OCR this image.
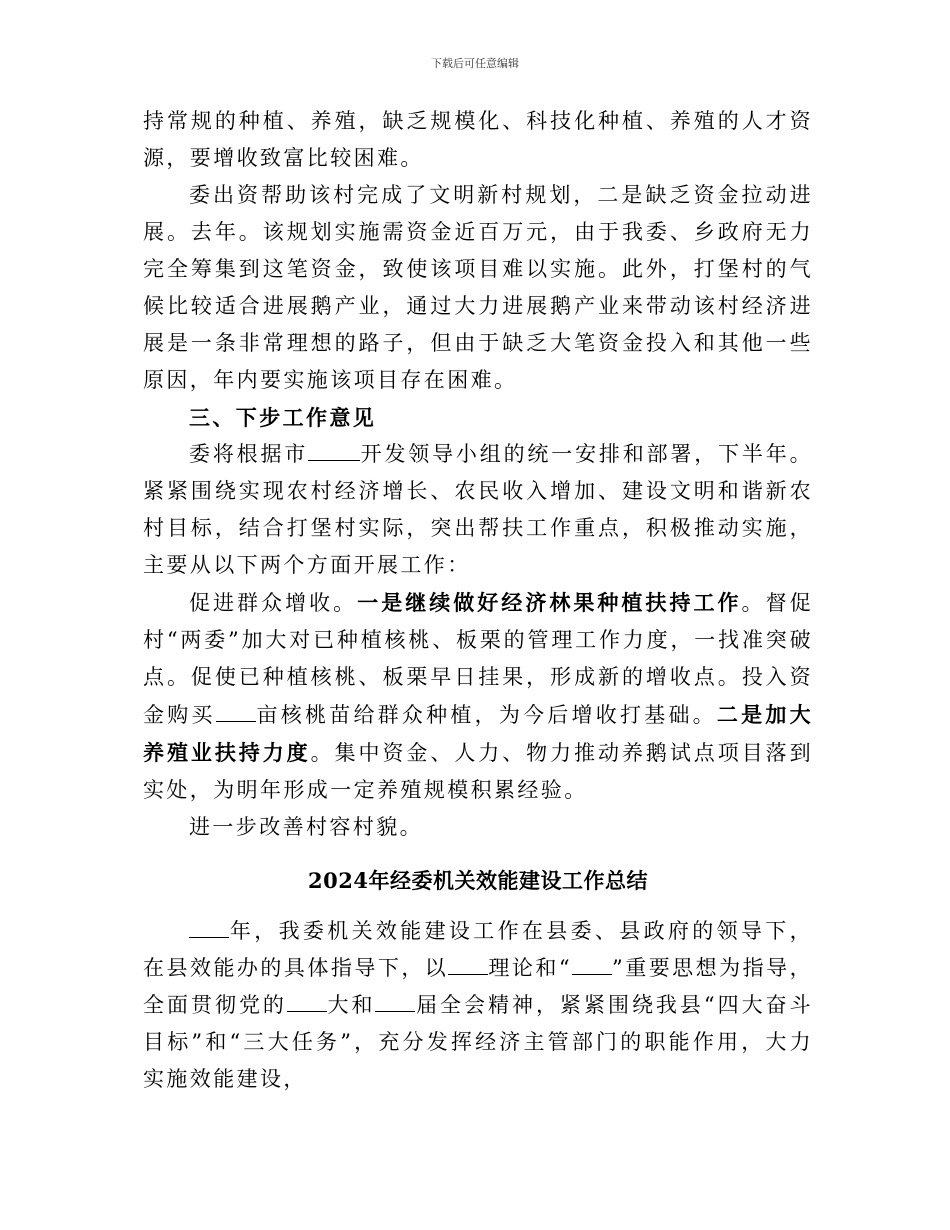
下载后可任意编辑

持常规的种植、养殖，缺乏规模化、科技化种植、养殖的人才资源，要增收致富比较困难。

委出资帮助该村完成了文明新村规划，二是缺乏资金拉动进展。去年。该规划实施需资金近百万元，由于我委、乡政府无力完全筹集到这笔资金，致使该项目难以实施。此外，打堡村的气候比较适合进展鹅产业，通过大力进展鹅产业来带动该村经济进展是一条非常理想的路子，但由于缺乏大笔资金投入和其他一些原因，年内要实施该项目存在困难。

三、下步工作意见

委将根据市 开发领导小组的统一安排和部署，下半年。紧紧围绕实现农村经济增长、农民收入增加、建设文明和谐新农村目标，结合打堡村实际，突出帮扶工作重点，积极推动实施，主要从以下两个方面开展工作：

促进群众增收。一是继续做好经济林果种植扶持工作。督促村“两委”加大对已种植核桃、板栗的管理工作力度，一找准突破点。促使已种植核桃、板栗早日挂果，形成新的增收点。投入资金购买 亩核桃苗给群众种植，为今后增收打基础。二是加大养殖业扶持力度。集中资金、人力、物力推动养鹅试点项目落到实处，为明年形成一定养殖规模积累经验。

进一步改善村容村貌。

2024年经委机关效能建设工作总结

年，我委机关效能建设工作在县委、县政府的领导下，在县效能办的具体指导下，以 理论和“ ”重要思想为指导，全面贯彻党的 大和 届全会精神，紧紧围绕我县“四大奋斗目标”和“三大任务”，充分发挥经济主管部门的职能作用，大力实施效能建设，
